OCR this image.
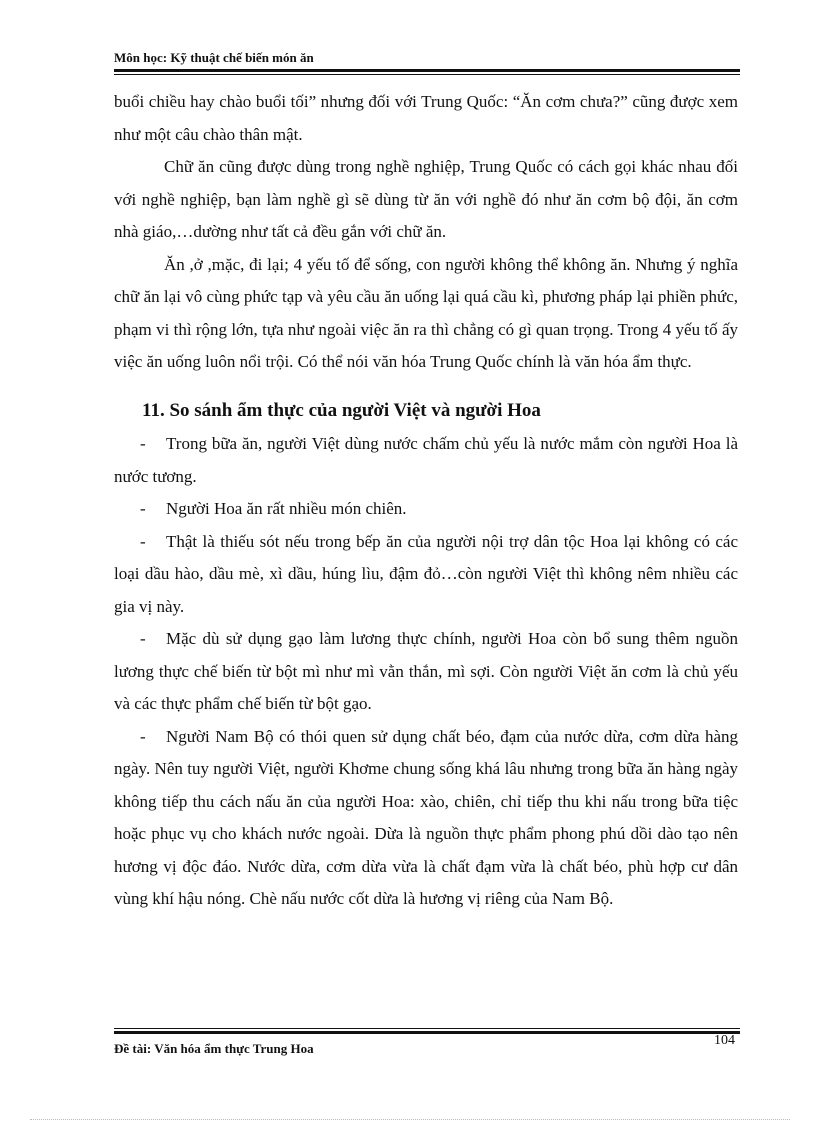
Môn học: Kỹ thuật chế biến món ăn

buổi chiều hay chào buổi tối” nhưng đối với Trung Quốc: “Ăn cơm chưa?” cũng được xem như một câu chào thân mật.

Chữ ăn cũng được dùng trong nghề nghiệp, Trung Quốc có cách gọi khác nhau đối với nghề nghiệp, bạn làm nghề gì sẽ dùng từ ăn với nghề đó như ăn cơm bộ đội, ăn cơm nhà giáo,…dường như tất cả đều gắn với chữ ăn.

Ăn ,ở ,mặc, đi lại; 4 yếu tố để sống, con người không thể không ăn. Nhưng ý nghĩa chữ ăn lại vô cùng phức tạp và yêu cầu ăn uống lại quá cầu kì, phương pháp lại phiền phức, phạm vi thì rộng lớn, tựa như ngoài việc ăn ra thì chẳng có gì quan trọng. Trong 4 yếu tố ấy việc ăn uống luôn nổi trội. Có thể nói văn hóa Trung Quốc chính là văn hóa ẩm thực.

11. So sánh ẩm thực của người Việt và người Hoa

- Trong bữa ăn, người Việt dùng nước chấm chủ yếu là nước mắm còn người Hoa là nước tương.

- Người Hoa ăn rất nhiều món chiên.

- Thật là thiếu sót nếu trong bếp ăn của người nội trợ dân tộc Hoa lại không có các loại dầu hào, dầu mè, xì dầu, húng lìu, đậm đỏ…còn người Việt thì không nêm nhiều các gia vị này.

- Mặc dù sử dụng gạo làm lương thực chính, người Hoa còn bổ sung thêm nguồn lương thực chế biến từ bột mì như mì vằn thắn, mì sợi. Còn người Việt ăn cơm là chủ yếu và các thực phẩm chế biến từ bột gạo.

- Người Nam Bộ có thói quen sử dụng chất béo, đạm của nước dừa, cơm dừa hàng ngày. Nên tuy người Việt, người Khơme chung sống khá lâu nhưng trong bữa ăn hàng ngày không tiếp thu cách nấu ăn của người Hoa: xào, chiên, chỉ tiếp thu khi nấu trong bữa tiệc hoặc phục vụ cho khách nước ngoài. Dừa là nguồn thực phẩm phong phú dồi dào tạo nên hương vị độc đáo. Nước dừa, cơm dừa vừa là chất đạm vừa là chất béo, phù hợp cư dân vùng khí hậu nóng. Chè nấu nước cốt dừa là hương vị riêng của Nam Bộ.

104
Đề tài: Văn hóa ẩm thực Trung Hoa
